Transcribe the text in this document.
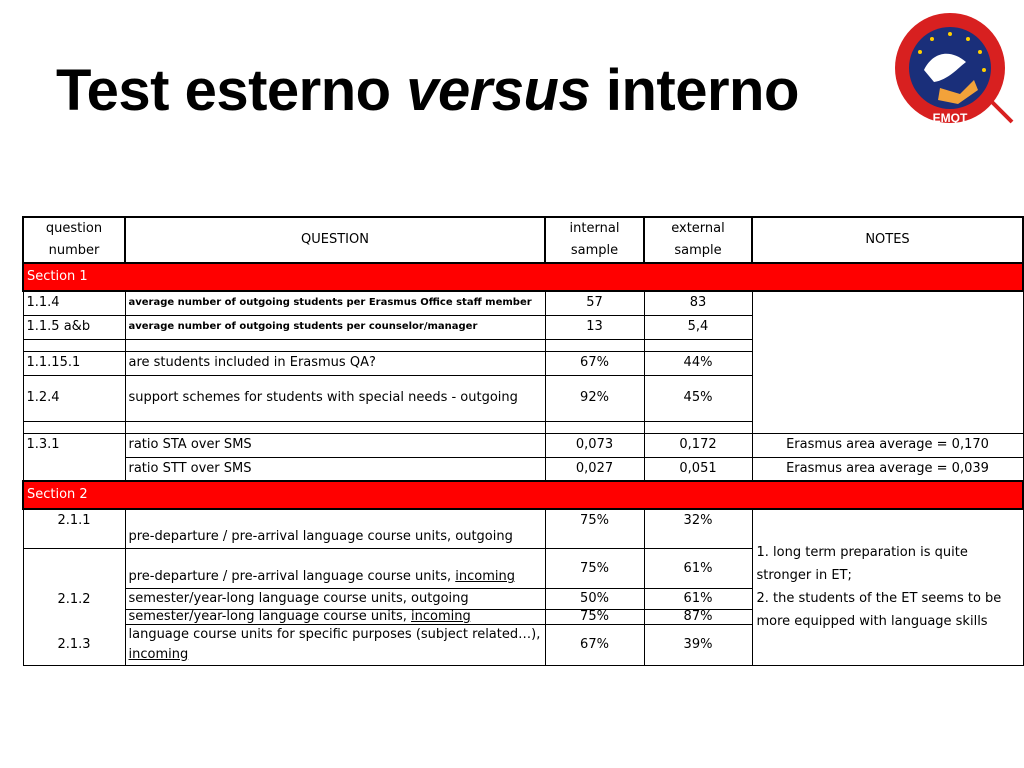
Test esterno versus interno	EMQT
question number	QUESTION	internal sample	external sample	NOTES
Section 1				
1.1.4	average number of outgoing students per Erasmus Office staff member	57	83	
1.1.5 a&b	average number of outgoing students per counselor/manager	13	5,4	

1.1.15.1	are students included in Erasmus QA?	67%	44%	
1.2.4	support schemes for students with special needs - outgoing	92%	45%	

1.3.1	ratio STA over SMS	0,073	0,172	Erasmus area average = 0,170
	ratio STT over SMS	0,027	0,051	Erasmus area average = 0,039
Section 2				
2.1.1	pre-departure / pre-arrival language course units, outgoing	75%	32%	1. long term preparation is quite stronger in ET;
2. the students of the ET seems to be more equipped with language skills
	pre-departure / pre-arrival language course units, incoming	75%	61%	
2.1.2	semester/year-long language course units, outgoing	50%	61%	
	semester/year-long language course units, incoming	75%	87%	
2.1.3	language course units for specific purposes (subject related…), incoming	67%	39%	
